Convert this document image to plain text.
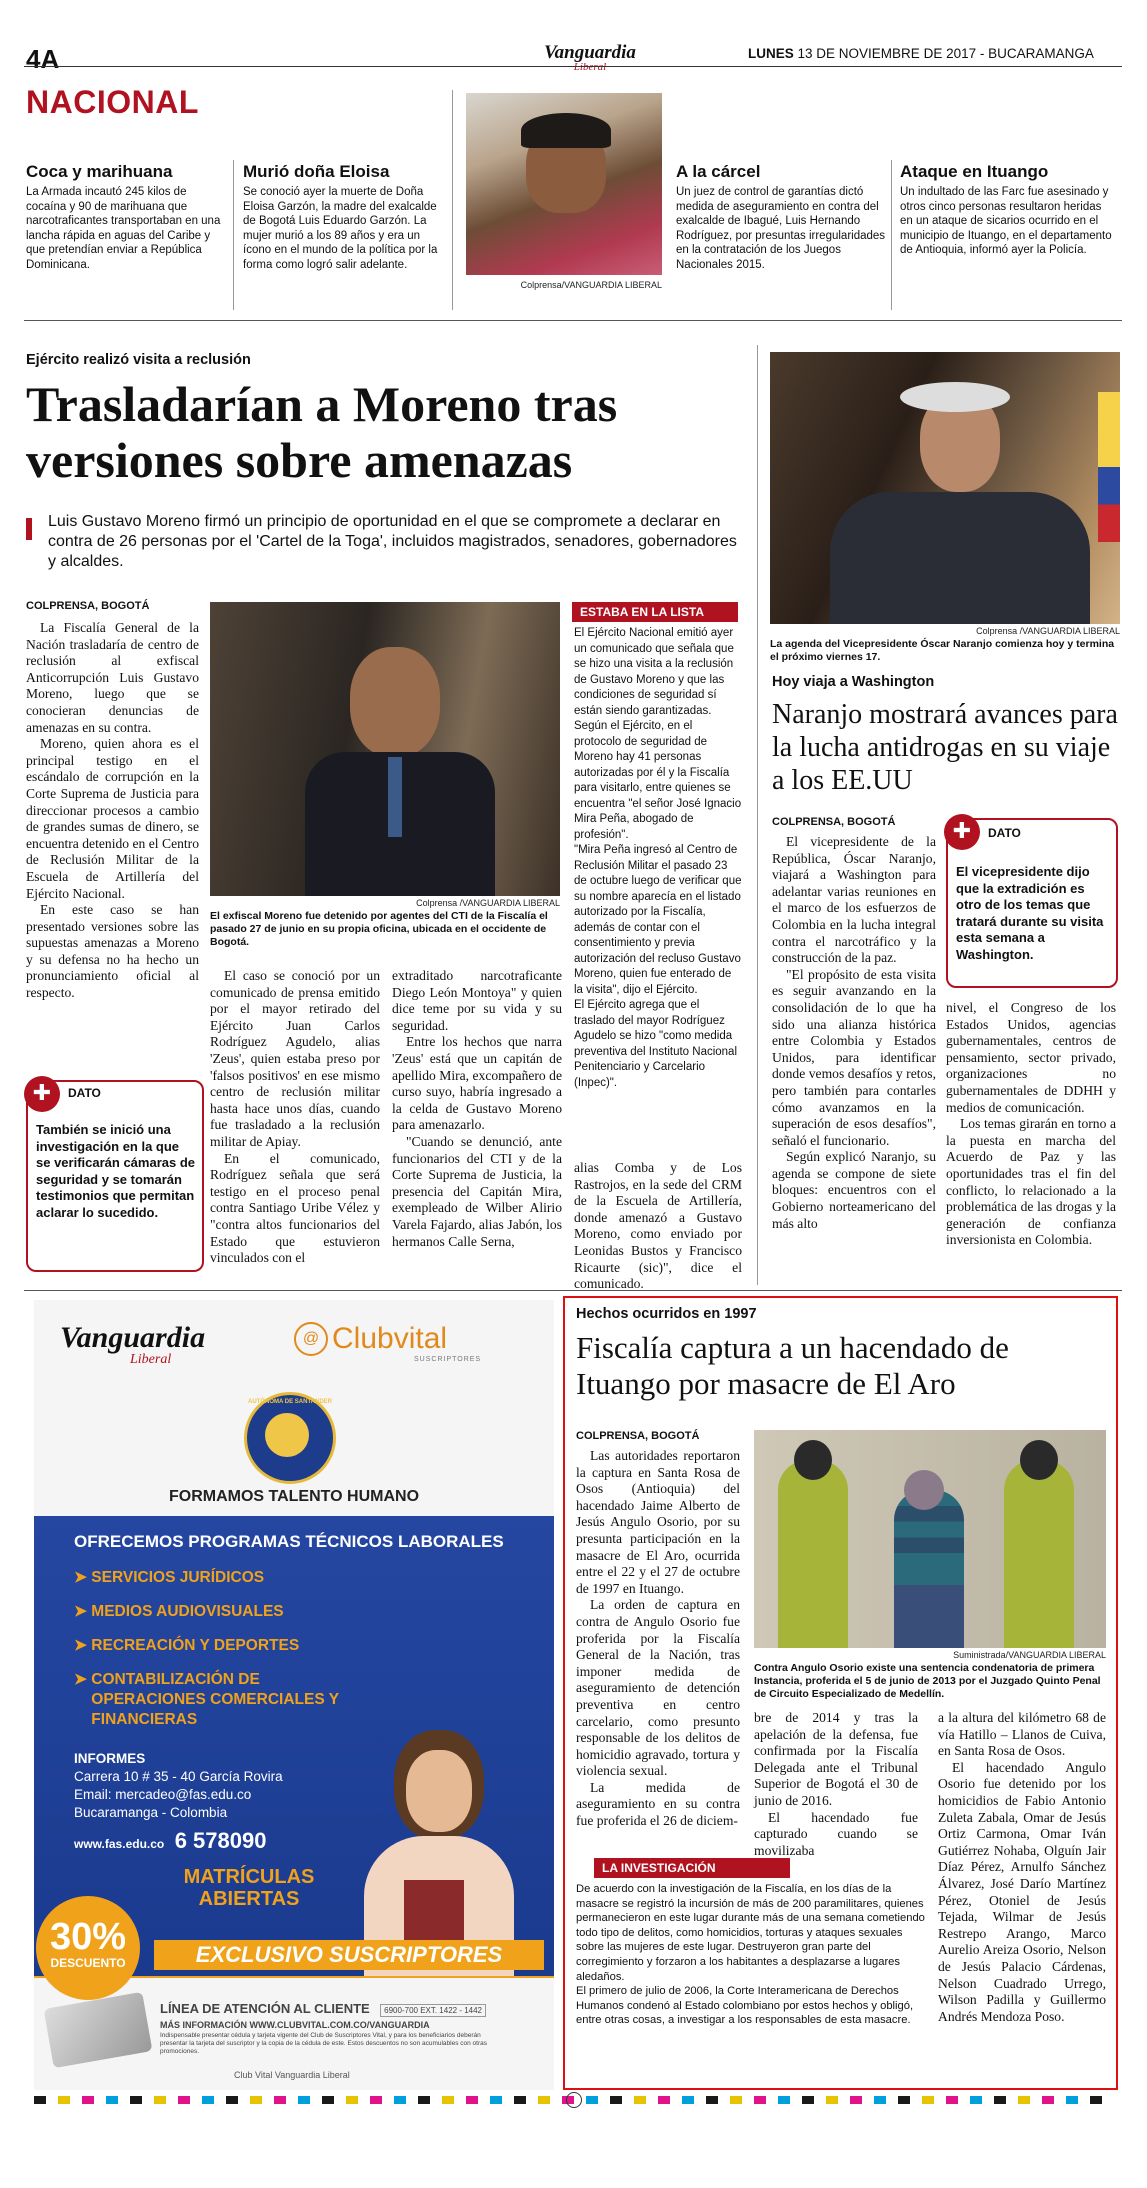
4A	Vanguardia
Liberal
LUNES 13 DE NOVIEMBRE DE 2017 - BUCARAMANGA
NACIONAL
Coca y marihuana
La Armada incautó 245 kilos de cocaína y 90 de marihuana que narcotraficantes transportaban en una lancha rápida en aguas del Caribe y que pretendían enviar a República Dominicana.
Murió doña Eloisa
Se conoció ayer la muerte de Doña Eloisa Garzón, la madre del exalcalde de Bogotá Luis Eduardo Garzón. La mujer murió a los 89 años y era un ícono en el mundo de la política por la forma como logró salir adelante.
Colprensa/VANGUARDIA LIBERAL
A la cárcel
Un juez de control de garantías dictó medida de aseguramiento en contra del exalcalde de Ibagué, Luis Hernando Rodríguez, por presuntas irregularidades en la contratación de los Juegos Nacionales 2015.
Ataque en Ituango
Un indultado de las Farc fue asesinado y otros cinco personas resultaron heridas en un ataque de sicarios ocurrido en el municipio de Ituango, en el departamento de Antioquia, informó ayer la Policía.
Ejército realizó visita a reclusión
Trasladarían a Moreno tras versiones sobre amenazas
Luis Gustavo Moreno firmó un principio de oportunidad en el que se compromete a declarar en contra de 26 personas por el 'Cartel de la Toga', incluidos magistrados, senadores, gobernadores y alcaldes.
COLPRENSA, BOGOTÁ

La Fiscalía General de la Nación trasladaría de centro de reclusión al exfiscal Anticorrupción Luis Gustavo Moreno, luego que se conocieran denuncias de amenazas en su contra.

Moreno, quien ahora es el principal testigo en el escándalo de corrupción en la Corte Suprema de Justicia para direccionar procesos a cambio de grandes sumas de dinero, se encuentra detenido en el Centro de Reclusión Militar de la Escuela de Artillería del Ejército Nacional.

En este caso se han presentado versiones sobre las supuestas amenazas a Moreno y su defensa no ha hecho un pronunciamiento oficial al respecto.

Colprensa /VANGUARDIA LIBERAL
El exfiscal Moreno fue detenido por agentes del CTI de la Fiscalía el pasado 27 de junio en su propia oficina, ubicada en el occidente de Bogotá.

El caso se conoció por un comunicado de prensa emitido por el mayor retirado del Ejército Juan Carlos Rodríguez Agudelo, alias 'Zeus', quien estaba preso por 'falsos positivos' en ese mismo centro de reclusión militar hasta hace unos días, cuando fue trasladado a la reclusión militar de Apiay.

En el comunicado, Rodríguez señala que será testigo en el proceso penal contra Santiago Uribe Vélez y "contra altos funcionarios del Estado que estuvieron vinculados con el

extraditado narcotraficante Diego León Montoya" y quien dice teme por su vida y su seguridad.

Entre los hechos que narra 'Zeus' está que un capitán de apellido Mira, excompañero de curso suyo, habría ingresado a la celda de Gustavo Moreno para amenazarlo.

"Cuando se denunció, ante funcionarios del CTI y de la Corte Suprema de Justicia, la presencia del Capitán Mira, exempleado de Wilber Alirio Varela Fajardo, alias Jabón, los hermanos Calle Serna,

ESTABA EN LA LISTA
El Ejército Nacional emitió ayer un comunicado que señala que se hizo una visita a la reclusión de Gustavo Moreno y que las condiciones de seguridad sí están siendo garantizadas.
Según el Ejército, en el protocolo de seguridad de Moreno hay 41 personas autorizadas por él y la Fiscalía para visitarlo, entre quienes se encuentra "el señor José Ignacio Mira Peña, abogado de profesión".
"Mira Peña ingresó al Centro de Reclusión Militar el pasado 23 de octubre luego de verificar que su nombre aparecía en el listado autorizado por la Fiscalía, además de contar con el consentimiento y previa autorización del recluso Gustavo Moreno, quien fue enterado de la visita", dijo el Ejército.
El Ejército agrega que el traslado del mayor Rodríguez Agudelo se hizo "como medida preventiva del Instituto Nacional Penitenciario y Carcelario (Inpec)".

alias Comba y de Los Rastrojos, en la sede del CRM de la Escuela de Artillería, donde amenazó a Gustavo Moreno, como enviado por Leonidas Bustos y Francisco Ricaurte (sic)", dice el comunicado.

✚	DATO
También se inició una investigación en la que se verificarán cámaras de seguridad y se tomarán testimonios que permitan aclarar lo sucedido.
Colprensa /VANGUARDIA LIBERAL
La agenda del Vicepresidente Óscar Naranjo comienza hoy y termina el próximo viernes 17.
Hoy viaja a Washington
Naranjo mostrará avances para la lucha antidrogas en su viaje a los EE.UU
COLPRENSA, BOGOTÁ

El vicepresidente de la República, Óscar Naranjo, viajará a Washington para adelantar varias reuniones en el marco de los esfuerzos de Colombia en la lucha integral contra el narcotráfico y la construcción de la paz.

"El propósito de esta visita es seguir avanzando en la consolidación de lo que ha sido una alianza histórica entre Colombia y Estados Unidos, para identificar donde vemos desafíos y retos, pero también para contarles cómo avanzamos en la superación de esos desafíos", señaló el funcionario.

Según explicó Naranjo, su agenda se compone de siete bloques: encuentros con el Gobierno norteamericano del más alto

✚	DATO
El vicepresidente dijo que la extradición es otro de los temas que tratará durante su visita esta semana a Washington.

nivel, el Congreso de los Estados Unidos, agencias gubernamentales, centros de pensamiento, sector privado, organizaciones no gubernamentales de DDHH y medios de comunicación.

Los temas girarán en torno a la puesta en marcha del Acuerdo de Paz y las oportunidades tras el fin del conflicto, lo relacionado a la problemática de las drogas y la generación de confianza inversionista en Colombia.

Vanguardia
Liberal
@ Clubvital
SUSCRIPTORES
AUTÓNOMA DE SANTANDER
FORMAMOS TALENTO HUMANO
OFRECEMOS PROGRAMAS TÉCNICOS LABORALES
➤ SERVICIOS JURÍDICOS
➤ MEDIOS AUDIOVISUALES
➤ RECREACIÓN Y DEPORTES
➤ CONTABILIZACIÓN DE OPERACIONES COMERCIALES Y FINANCIERAS
INFORMES
Carrera 10 # 35 - 40 García Rovira
Email: mercadeo@fas.edu.co
Bucaramanga - Colombia
www.fas.edu.co 6 578090
MATRÍCULAS ABIERTAS
30%
DESCUENTO	EXCLUSIVO SUSCRIPTORES
LÍNEA DE ATENCIÓN AL CLIENTE 6900-700 EXT. 1422 - 1442
MÁS INFORMACIÓN WWW.CLUBVITAL.COM.CO/VANGUARDIA
Indispensable presentar cédula y tarjeta vigente del Club de Suscriptores Vital, y para los beneficiarios deberán presentar la tarjeta del suscriptor y la copia de la cédula de este. Estos descuentos no son acumulables con otras promociones.
Club Vital Vanguardia Liberal
Hechos ocurridos en 1997
Fiscalía captura a un hacendado de Ituango por masacre de El Aro
COLPRENSA, BOGOTÁ

Las autoridades reportaron la captura en Santa Rosa de Osos (Antioquia) del hacendado Jaime Alberto de Jesús Angulo Osorio, por su presunta participación en la masacre de El Aro, ocurrida entre el 22 y el 27 de octubre de 1997 en Ituango.

La orden de captura en contra de Angulo Osorio fue proferida por la Fiscalía General de la Nación, tras imponer medida de aseguramiento de detención preventiva en centro carcelario, como presunto responsable de los delitos de homicidio agravado, tortura y violencia sexual.

La medida de aseguramiento en su contra fue proferida el 26 de diciem-

Suministrada/VANGUARDIA LIBERAL
Contra Angulo Osorio existe una sentencia condenatoria de primera Instancia, proferida el 5 de junio de 2013 por el Juzgado Quinto Penal de Circuito Especializado de Medellín.

bre de 2014 y tras la apelación de la defensa, fue confirmada por la Fiscalía Delegada ante el Tribunal Superior de Bogotá el 30 de junio de 2016.

El hacendado fue capturado cuando se movilizaba

a la altura del kilómetro 68 de vía Hatillo – Llanos de Cuiva, en Santa Rosa de Osos.

El hacendado Angulo Osorio fue detenido por los homicidios de Fabio Antonio Zuleta Zabala, Omar de Jesús Ortiz Carmona, Omar Iván Gutiérrez Nohaba, Olguín Jair Díaz Pérez, Arnulfo Sánchez Álvarez, José Darío Martínez Pérez, Otoniel de Jesús Tejada, Wilmar de Jesús Restrepo Arango, Marco Aurelio Areiza Osorio, Nelson de Jesús Palacio Cárdenas, Nelson Cuadrado Urrego, Wilson Padilla y Guillermo Andrés Mendoza Poso.

LA INVESTIGACIÓN
De acuerdo con la investigación de la Fiscalía, en los días de la masacre se registró la incursión de más de 200 paramilitares, quienes permanecieron en este lugar durante más de una semana cometiendo todo tipo de delitos, como homicidios, torturas y ataques sexuales sobre las mujeres de este lugar. Destruyeron gran parte del corregimiento y forzaron a los habitantes a desplazarse a lugares aledaños.
El primero de julio de 2006, la Corte Interamericana de Derechos Humanos condenó al Estado colombiano por estos hechos y obligó, entre otras cosas, a investigar a los responsables de esta masacre.
